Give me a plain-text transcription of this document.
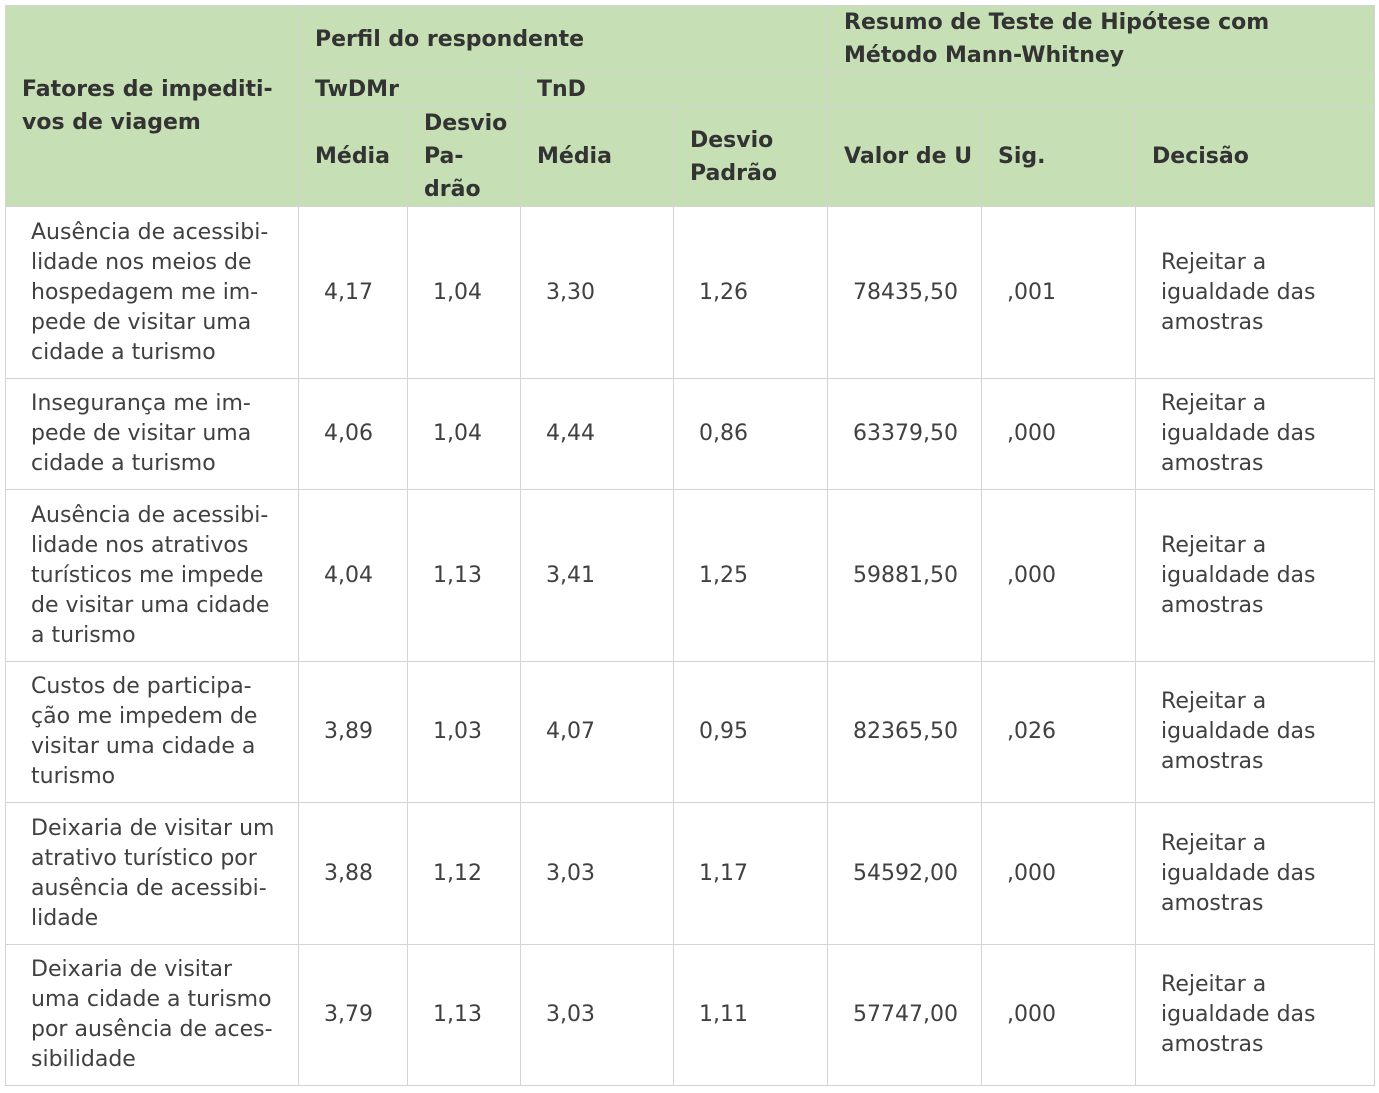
Fatores de impediti-vos de viagem	Perfil do respondente				Resumo de Teste de Hipótese com Método Mann-Whitney		
	TwDMr		TnD				
	Média	Desvio Pa-drão	Média	Desvio Padrão	Valor de U	Sig.	Decisão
Ausência de acessibi-lidade nos meios de hospedagem me im-pede de visitar uma cidade a turismo	4,17	1,04	3,30	1,26	78435,50	,001	Rejeitar a igualdade das amostras
Insegurança me im-pede de visitar uma cidade a turismo	4,06	1,04	4,44	0,86	63379,50	,000	Rejeitar a igualdade das amostras
Ausência de acessibi-lidade nos atrativos turísticos me impede de visitar uma cidade a turismo	4,04	1,13	3,41	1,25	59881,50	,000	Rejeitar a igualdade das amostras
Custos de participa-ção me impedem de visitar uma cidade a turismo	3,89	1,03	4,07	0,95	82365,50	,026	Rejeitar a igualdade das amostras
Deixaria de visitar um atrativo turístico por ausência de acessibi-lidade	3,88	1,12	3,03	1,17	54592,00	,000	Rejeitar a igualdade das amostras
Deixaria de visitar uma cidade a turismo por ausência de aces-sibilidade	3,79	1,13	3,03	1,11	57747,00	,000	Rejeitar a igualdade das amostras
